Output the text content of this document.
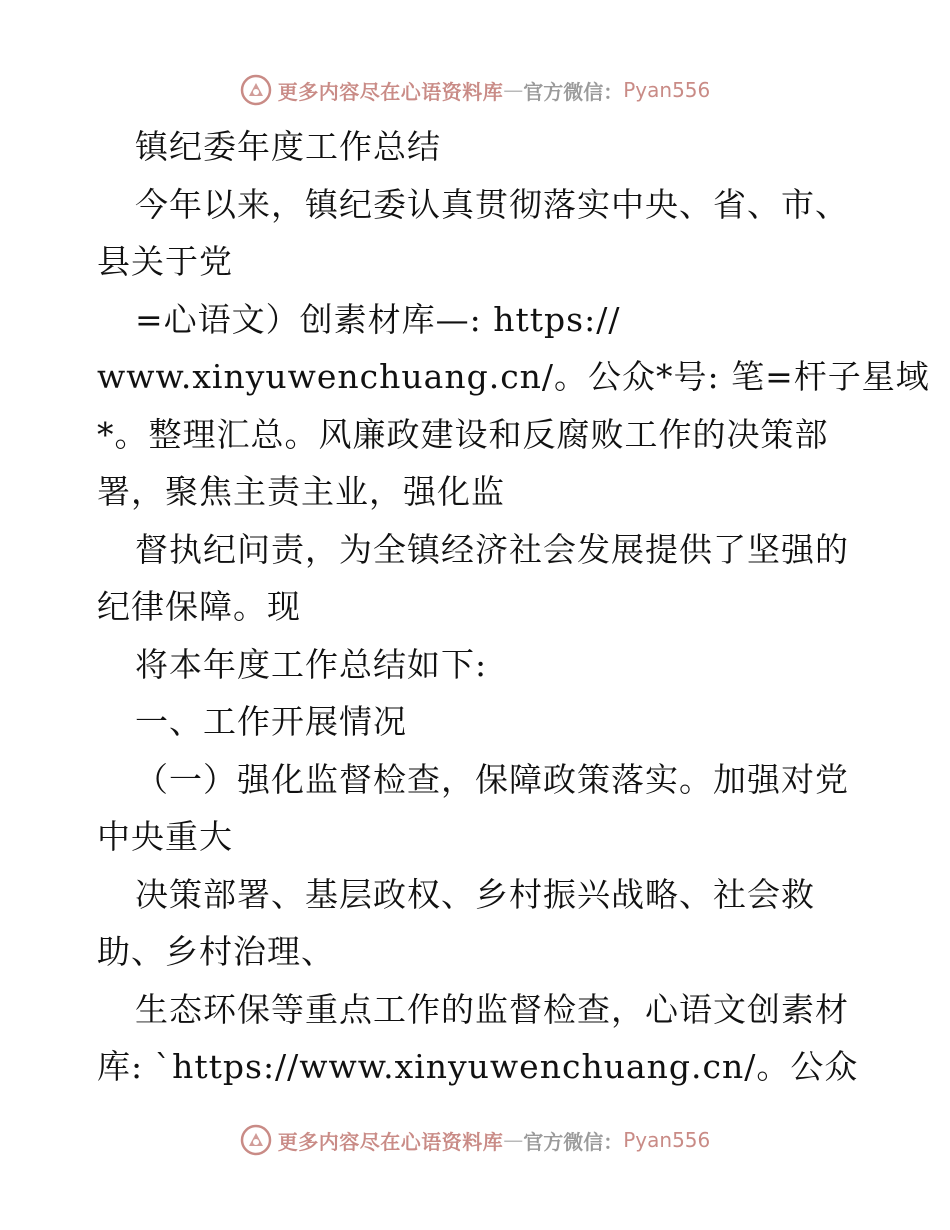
更多内容尽在心语资料库 — 官方微信： Pyan556
镇纪委年度工作总结
今年以来，镇纪委认真贯彻落实中央、省、市、
县关于党
=心语文）创素材库—: https://
www.xinyuwenchuang.cn/。公众*号: 笔=杆子星域
*。整理汇总。风廉政建设和反腐败工作的决策部
署，聚焦主责主业，强化监
督执纪问责，为全镇经济社会发展提供了坚强的
纪律保障。现
将本年度工作总结如下:
一、工作开展情况
（一）强化监督检查，保障政策落实。加强对党
中央重大
决策部署、基层政权、乡村振兴战略、社会救
助、乡村治理、
生态环保等重点工作的监督检查，心语文创素材
库: `https://www.xinyuwenchuang.cn/。公众
更多内容尽在心语资料库 — 官方微信： Pyan556
